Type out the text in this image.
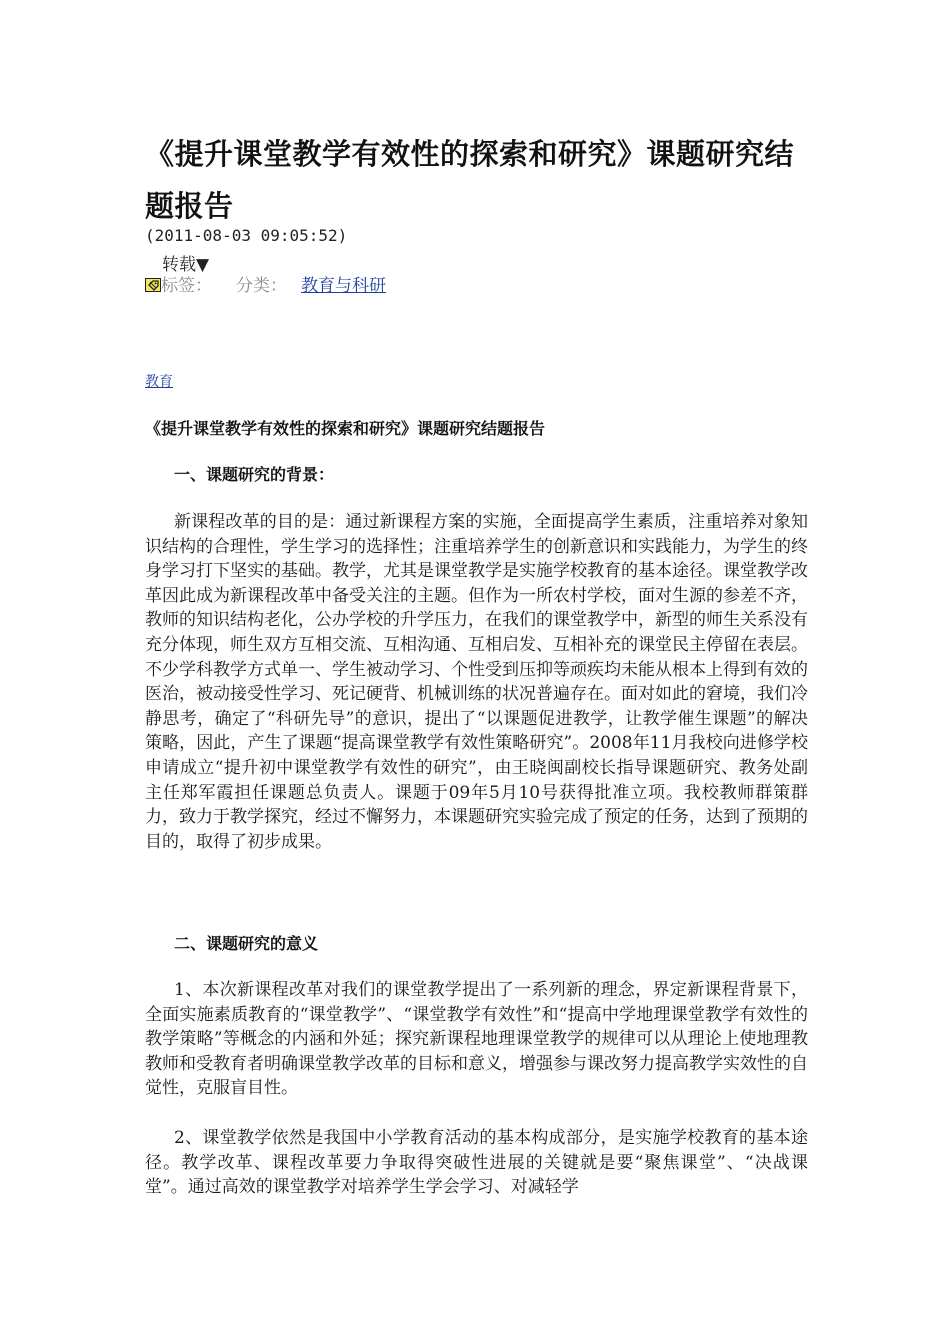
《提升课堂教学有效性的探索和研究》课题研究结题报告
(2011-08-03 09:05:52)
转载▼
标签： 分类： 教育与科研
教育
《提升课堂教学有效性的探索和研究》课题研究结题报告
一、课题研究的背景：

新课程改革的目的是：通过新课程方案的实施，全面提高学生素质，注重培养对象知识结构的合理性，学生学习的选择性；注重培养学生的创新意识和实践能力，为学生的终身学习打下坚实的基础。教学，尤其是课堂教学是实施学校教育的基本途径。课堂教学改革因此成为新课程改革中备受关注的主题。但作为一所农村学校，面对生源的参差不齐，教师的知识结构老化，公办学校的升学压力，在我们的课堂教学中，新型的师生关系没有充分体现，师生双方互相交流、互相沟通、互相启发、互相补充的课堂民主停留在表层。不少学科教学方式单一、学生被动学习、个性受到压抑等顽疾均未能从根本上得到有效的医治，被动接受性学习、死记硬背、机械训练的状况普遍存在。面对如此的窘境，我们冷静思考，确定了“科研先导”的意识，提出了“以课题促进教学，让教学催生课题”的解决策略，因此，产生了课题“提高课堂教学有效性策略研究”。2008年11月我校向进修学校申请成立“提升初中课堂教学有效性的研究”，由王晓闽副校长指导课题研究、教务处副主任郑军霞担任课题总负责人。课题于09年5月10号获得批准立项。我校教师群策群力，致力于教学探究，经过不懈努力，本课题研究实验完成了预定的任务，达到了预期的目的，取得了初步成果。

二、课题研究的意义

1、本次新课程改革对我们的课堂教学提出了一系列新的理念，界定新课程背景下，全面实施素质教育的“课堂教学”、“课堂教学有效性”和“提高中学地理课堂教学有效性的教学策略”等概念的内涵和外延；探究新课程地理课堂教学的规律可以从理论上使地理教教师和受教育者明确课堂教学改革的目标和意义，增强参与课改努力提高教学实效性的自觉性，克服盲目性。

2、课堂教学依然是我国中小学教育活动的基本构成部分，是实施学校教育的基本途径。教学改革、课程改革要力争取得突破性进展的关键就是要“聚焦课堂”、“决战课堂”。通过高效的课堂教学对培养学生学会学习、对减轻学
